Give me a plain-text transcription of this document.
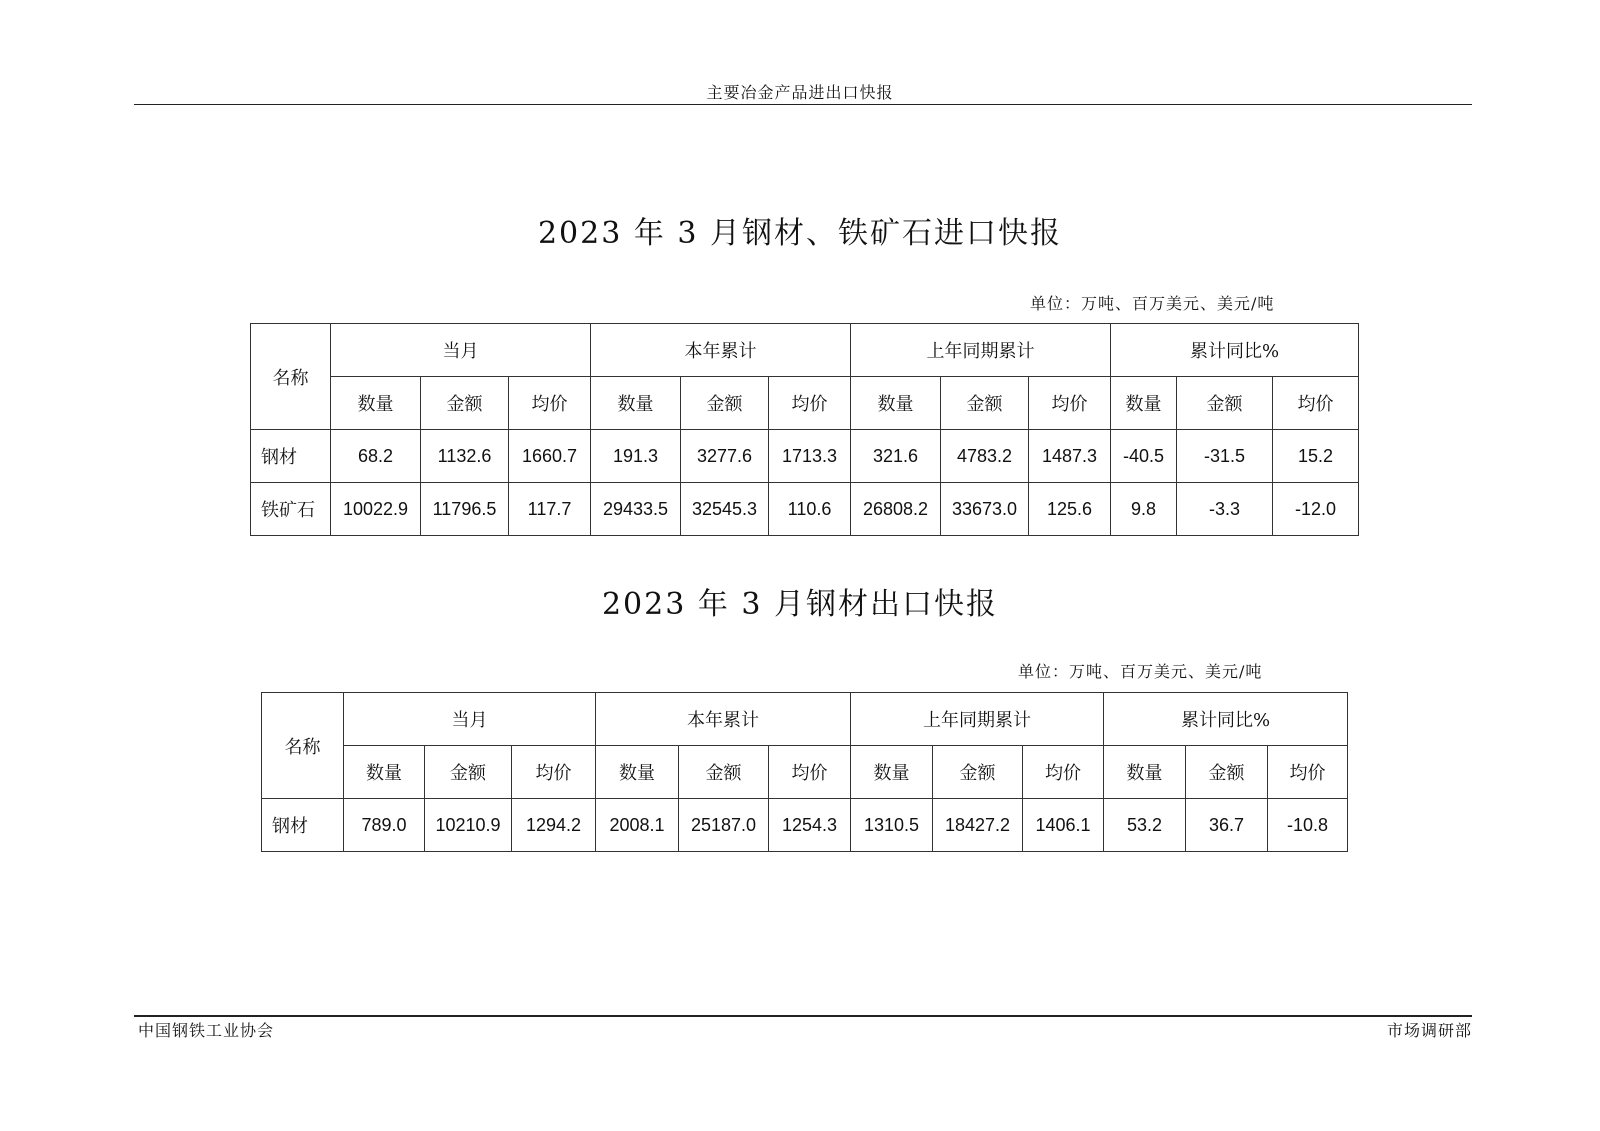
主要冶金产品进出口快报
2023 年 3 月钢材、铁矿石进口快报
单位：万吨、百万美元、美元/吨
名称	当月			本年累计			上年同期累计			累计同比%		
	数量	金额	均价	数量	金额	均价	数量	金额	均价	数量	金额	均价
钢材	68.2	1132.6	1660.7	191.3	3277.6	1713.3	321.6	4783.2	1487.3	-40.5	-31.5	15.2
铁矿石	10022.9	11796.5	117.7	29433.5	32545.3	110.6	26808.2	33673.0	125.6	9.8	-3.3	-12.0
2023 年 3 月钢材出口快报
单位：万吨、百万美元、美元/吨
名称	当月			本年累计			上年同期累计			累计同比%		
	数量	金额	均价	数量	金额	均价	数量	金额	均价	数量	金额	均价
钢材	789.0	10210.9	1294.2	2008.1	25187.0	1254.3	1310.5	18427.2	1406.1	53.2	36.7	-10.8
中国钢铁工业协会	市场调研部
